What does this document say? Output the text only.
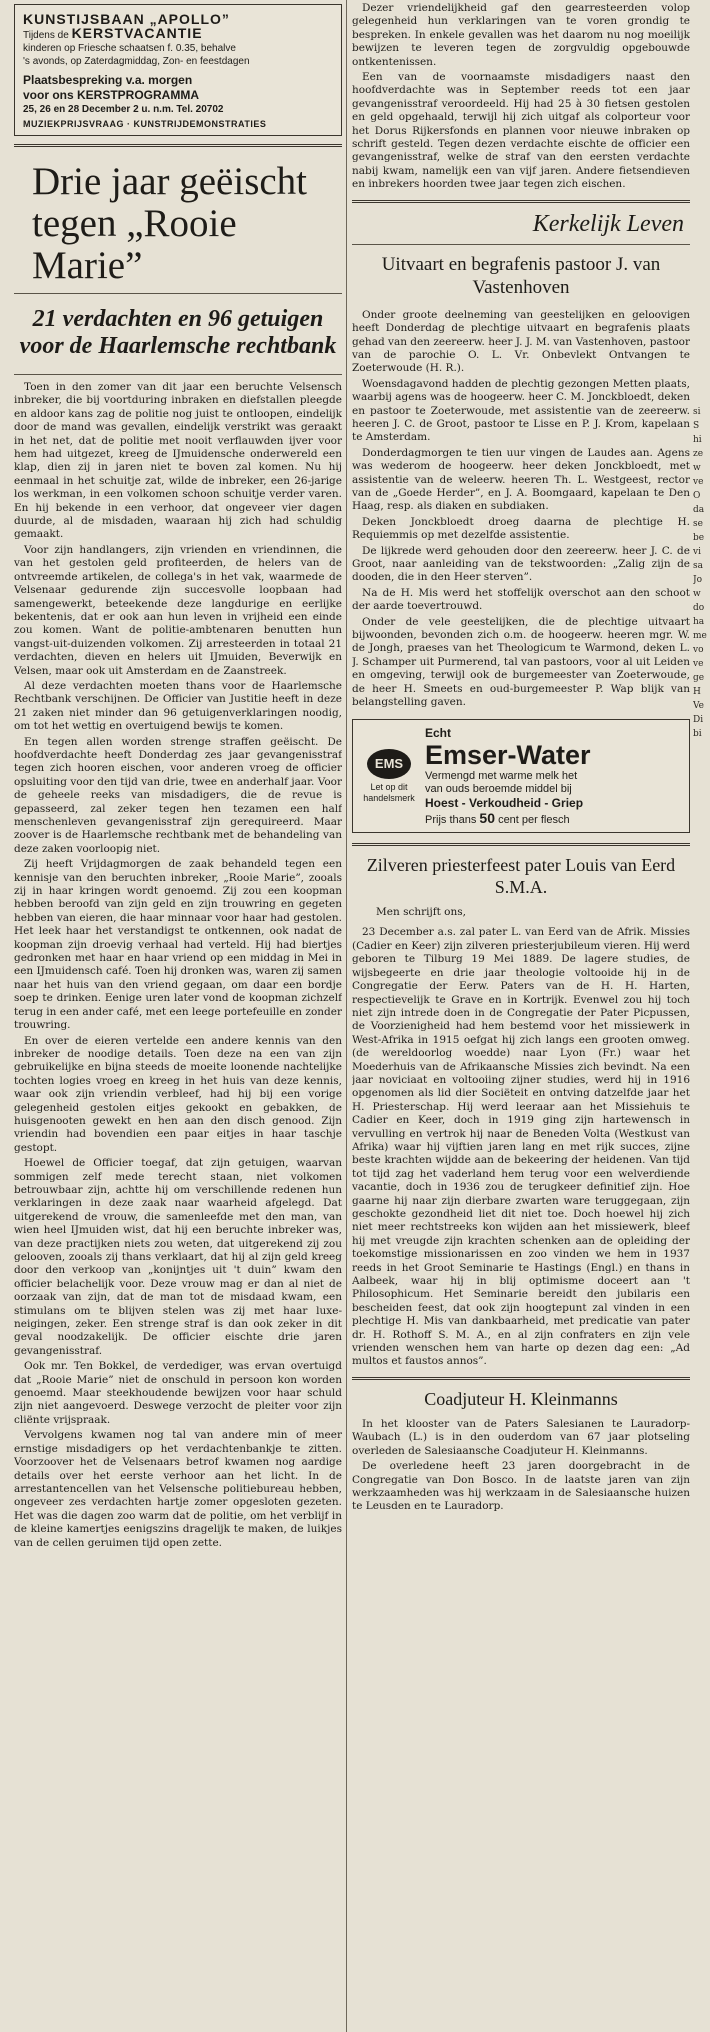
KUNSTIJSBAAN „APOLLO”
Tijdens de KERSTVACANTIE
kinderen op Friesche schaatsen f. 0.35, behalve
's avonds, op Zaterdagmiddag, Zon- en feestdagen
Plaatsbespreking v.a. morgen
voor ons KERSTPROGRAMMA
25, 26 en 28 December 2 u. n.m. Tel. 20702
MUZIEKPRIJSVRAAG · KUNSTRIJDEMONSTRATIES
Drie jaar geëischt tegen „Rooie Marie”
21 verdachten en 96 getuigen voor de Haarlemsche rechtbank

Toen in den zomer van dit jaar een beruchte Velsensch inbreker, die bij voortduring inbraken en diefstallen pleegde en aldoor kans zag de politie nog juist te ontloopen, eindelijk door de mand was gevallen, eindelijk verstrikt was geraakt in het net, dat de politie met nooit verflauwden ijver voor hem had uitgezet, kreeg de IJmuidensche onderwereld een klap, dien zij in jaren niet te boven zal komen. Nu hij eenmaal in het schuitje zat, wilde de inbreker, een 26-jarige los werkman, in een volkomen schoon schuitje verder varen. En hij bekende in een verhoor, dat ongeveer vier dagen duurde, al de misdaden, waaraan hij zich had schuldig gemaakt.

Voor zijn handlangers, zijn vrienden en vriendinnen, die van het gestolen geld profiteerden, de helers van de ontvreemde artikelen, de collega's in het vak, waarmede de Velsenaar gedurende zijn succesvolle loopbaan had samengewerkt, beteekende deze langdurige en eerlijke bekentenis, dat er ook aan hun leven in vrijheid een einde zou komen. Want de politie-ambtenaren benutten hun vangst-uit-duizenden volkomen. Zij arresteerden in totaal 21 verdachten, dieven en helers uit IJmuiden, Beverwijk en Velsen, maar ook uit Amsterdam en de Zaanstreek.

Al deze verdachten moeten thans voor de Haarlemsche Rechtbank verschijnen. De Officier van Justitie heeft in deze 21 zaken niet minder dan 96 getuigenverklaringen noodig, om tot het wettig en overtuigend bewijs te komen.

En tegen allen worden strenge straffen geëischt. De hoofdverdachte heeft Donderdag zes jaar gevangenisstraf tegen zich hooren eischen, voor anderen vroeg de officier opsluiting voor den tijd van drie, twee en anderhalf jaar. Voor de geheele reeks van misdadigers, die de revue is gepasseerd, zal zeker tegen hen tezamen een half menschenleven gevangenisstraf zijn gerequireerd. Maar zoover is de Haarlemsche rechtbank met de behandeling van deze zaken voorloopig niet.

Zij heeft Vrijdagmorgen de zaak behandeld tegen een kennisje van den beruchten inbreker, „Rooie Marie”, zooals zij in haar kringen wordt genoemd. Zij zou een koopman hebben beroofd van zijn geld en zijn trouwring en gegeten hebben van eieren, die haar minnaar voor haar had gestolen. Het leek haar het verstandigst te ontkennen, ook nadat de koopman zijn droevig verhaal had verteld. Hij had biertjes gedronken met haar en haar vriend op een middag in Mei in een IJmuidensch café. Toen hij dronken was, waren zij samen naar het huis van den vriend gegaan, om daar een bordje soep te drinken. Eenige uren later vond de koopman zichzelf terug in een ander café, met een leege portefeuille en zonder trouwring.

En over de eieren vertelde een andere kennis van den inbreker de noodige details. Toen deze na een van zijn gebruikelijke en bijna steeds de moeite loonende nachtelijke tochten logies vroeg en kreeg in het huis van deze kennis, waar ook zijn vriendin verbleef, had hij bij een vorige gelegenheid gestolen eitjes gekookt en gebakken, de huisgenooten gewekt en hen aan den disch genood. Zijn vriendin had bovendien een paar eitjes in haar taschje gestopt.

Hoewel de Officier toegaf, dat zijn getuigen, waarvan sommigen zelf mede terecht staan, niet volkomen betrouwbaar zijn, achtte hij om verschillende redenen hun verklaringen in deze zaak naar waarheid afgelegd. Dat uitgerekend de vrouw, die samenleefde met den man, van wien heel IJmuiden wist, dat hij een beruchte inbreker was, van deze practijken niets zou weten, dat uitgerekend zij zou gelooven, zooals zij thans verklaart, dat hij al zijn geld kreeg door den verkoop van „konijntjes uit 't duin” kwam den officier belachelijk voor. Deze vrouw mag er dan al niet de oorzaak van zijn, dat de man tot de misdaad kwam, een stimulans om te blijven stelen was zij met haar luxe-neigingen, zeker. Een strenge straf is dan ook zeker in dit geval noodzakelijk. De officier eischte drie jaren gevangenisstraf.

Ook mr. Ten Bokkel, de verdediger, was ervan overtuigd dat „Rooie Marie” niet de onschuld in persoon kon worden genoemd. Maar steekhoudende bewijzen voor haar schuld zijn niet aangevoerd. Deswege verzocht de pleiter voor zijn cliënte vrijspraak.

Vervolgens kwamen nog tal van andere min of meer ernstige misdadigers op het verdachtenbankje te zitten. Voorzoover het de Velsenaars betrof kwamen nog aardige details over het eerste verhoor aan het licht. In de arrestantencellen van het Velsensche politiebureau hebben, ongeveer zes verdachten hartje zomer opgesloten gezeten. Het was die dagen zoo warm dat de politie, om het verblijf in de kleine kamertjes eenigszins dragelijk te maken, de luikjes van de cellen geruimen tijd open zette.

Dezer vriendelijkheid gaf den gearresteerden volop gelegenheid hun verklaringen van te voren grondig te bespreken. In enkele gevallen was het daarom nu nog moeilijk bewijzen te leveren tegen de zorgvuldig opgebouwde ontkentenissen.

Een van de voornaamste misdadigers naast den hoofdverdachte was in September reeds tot een jaar gevangenisstraf veroordeeld. Hij had 25 à 30 fietsen gestolen en geld opgehaald, terwijl hij zich uitgaf als colporteur voor het Dorus Rijkersfonds en plannen voor nieuwe inbraken op schrift gesteld. Tegen dezen verdachte eischte de officier een gevangenisstraf, welke de straf van den eersten verdachte nabij kwam, namelijk een van vijf jaren. Andere fietsendieven en inbrekers hoorden twee jaar tegen zich eischen.

Kerkelijk Leven
Uitvaart en begrafenis pastoor J. van Vastenhoven

Onder groote deelneming van geestelijken en geloovigen heeft Donderdag de plechtige uitvaart en begrafenis plaats gehad van den zeereerw. heer J. J. M. van Vastenhoven, pastoor van de parochie O. L. Vr. Onbevlekt Ontvangen te Zoeterwoude (H. R.).

Woensdagavond hadden de plechtig gezongen Metten plaats, waarbij agens was de hoogeerw. heer C. M. Jonckbloedt, deken en pastoor te Zoeterwoude, met assistentie van de zeereerw. heeren J. C. de Groot, pastoor te Lisse en P. J. Krom, kapelaan te Amsterdam.

Donderdagmorgen te tien uur vingen de Laudes aan. Agens was wederom de hoogeerw. heer deken Jonckbloedt, met assistentie van de weleerw. heeren Th. L. Westgeest, rector van de „Goede Herder”, en J. A. Boomgaard, kapelaan te Den Haag, resp. als diaken en subdiaken.

Deken Jonckbloedt droeg daarna de plechtige H. Requiemmis op met dezelfde assistentie.

De lijkrede werd gehouden door den zeereerw. heer J. C. de Groot, naar aanleiding van de tekstwoorden: „Zalig zijn de dooden, die in den Heer sterven”.

Na de H. Mis werd het stoffelijk overschot aan den schoot der aarde toevertrouwd.

Onder de vele geestelijken, die de plechtige uitvaart bijwoonden, bevonden zich o.m. de hoogeerw. heeren mgr. W. de Jongh, praeses van het Theologicum te Warmond, deken L. J. Schamper uit Purmerend, tal van pastoors, voor al uit Leiden en omgeving, terwijl ook de burgemeester van Zoeterwoude, de heer H. Smeets en oud-burgemeester P. Wap blijk van belangstelling gaven.

EMS
Let op dit handelsmerk
Echt
Emser-Water
Vermengd met warme melk het
van ouds beroemde middel bij
Hoest - Verkoudheid - Griep
Prijs thans 50 cent per flesch
Zilveren priesterfeest pater Louis van Eerd S.M.A.
Men schrijft ons,

23 December a.s. zal pater L. van Eerd van de Afrik. Missies (Cadier en Keer) zijn zilveren priesterjubileum vieren. Hij werd geboren te Tilburg 19 Mei 1889. De lagere studies, de wijsbegeerte en drie jaar theologie voltooide hij in de Congregatie der Eerw. Paters van de H. H. Harten, respectievelijk te Grave en in Kortrijk. Evenwel zou hij toch niet zijn intrede doen in de Congregatie der Pater Picpussen, de Voorzienigheid had hem bestemd voor het missiewerk in West-Afrika in 1915 oefgat hij zich langs een grooten omweg. (de wereldoorlog woedde) naar Lyon (Fr.) waar het Moederhuis van de Afrikaansche Missies zich bevindt. Na een jaar noviciaat en voltooiing zijner studies, werd hij in 1916 opgenomen als lid dier Sociëteit en ontving datzelfde jaar het H. Priesterschap. Hij werd leeraar aan het Missiehuis te Cadier en Keer, doch in 1919 ging zijn hartewensch in vervulling en vertrok hij naar de Beneden Volta (Westkust van Afrika) waar hij vijftien jaren lang en met rijk succes, zijne beste krachten wijdde aan de bekeering der heidenen. Van tijd tot tijd zag het vaderland hem terug voor een welverdiende vacantie, doch in 1936 zou de terugkeer definitief zijn. Hoe gaarne hij naar zijn dierbare zwarten ware teruggegaan, zijn geschokte gezondheid liet dit niet toe. Doch hoewel hij zich niet meer rechtstreeks kon wijden aan het missiewerk, bleef hij met vreugde zijn krachten schenken aan de opleiding der toekomstige missionarissen en zoo vinden we hem in 1937 reeds in het Groot Seminarie te Hastings (Engl.) en thans in Aalbeek, waar hij in blij optimisme doceert aan 't Philosophicum. Het Seminarie bereidt den jubilaris een bescheiden feest, dat ook zijn hoogtepunt zal vinden in een plechtige H. Mis van dankbaarheid, met predicatie van pater dr. H. Rothoff S. M. A., en al zijn confraters en zijn vele vrienden wenschen hem van harte op dezen dag een: „Ad multos et faustos annos”.

Coadjuteur H. Kleinmanns

In het klooster van de Paters Salesianen te Lauradorp-Waubach (L.) is in den ouderdom van 67 jaar plotseling overleden de Salesiaansche Coadjuteur H. Kleinmanns.

De overledene heeft 23 jaren doorgebracht in de Congregatie van Don Bosco. In de laatste jaren van zijn werkzaamheden was hij werkzaam in de Salesiaansche huizen te Leusden en te Lauradorp.

si
S
hi
ze
w
ve
O
da
se
be
vi
sa
Jo
w
do
ha
me
vo
ve
ge
H
Ve
Di
bi
